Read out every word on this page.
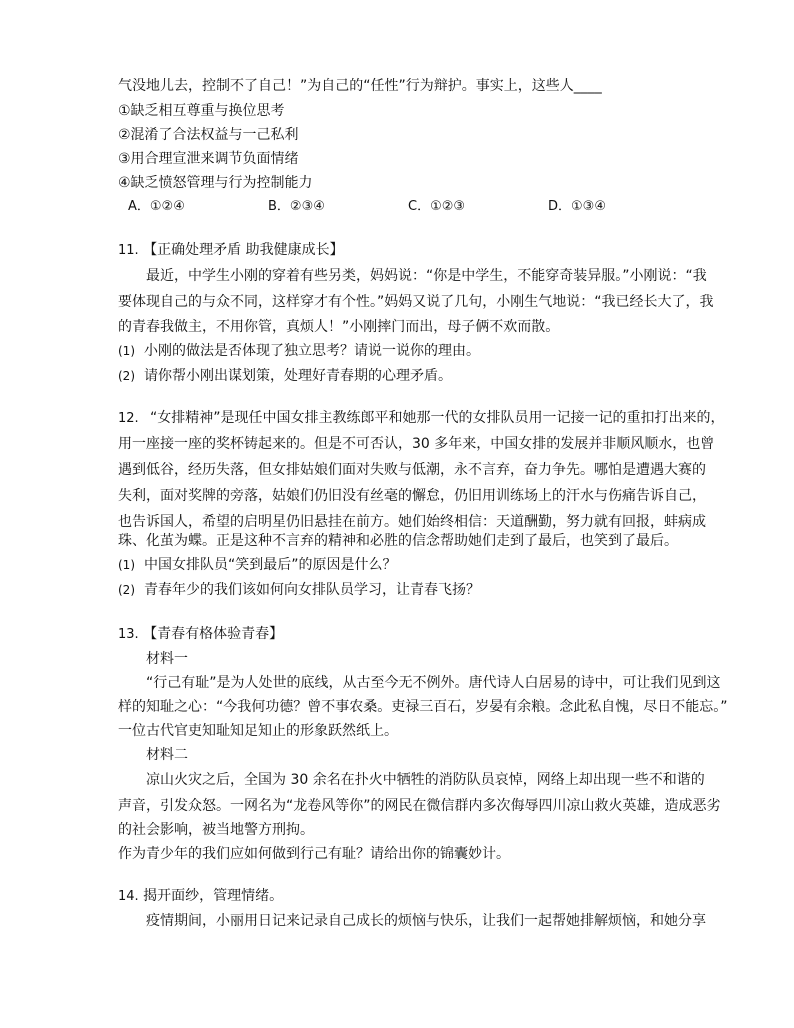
气没地儿去，控制不了自己！”为自己的“任性”行为辩护。事实上，这些人____
①缺乏相互尊重与换位思考
②混淆了合法权益与一己私利
③用合理宣泄来调节负面情绪
④缺乏愤怒管理与行为控制能力
A．①②④	B．②③④	C．①②③	D．①③④
11. 【正确处理矛盾 助我健康成长】
最近，中学生小刚的穿着有些另类，妈妈说：“你是中学生，不能穿奇装异服。”小刚说：“我
要体现自己的与众不同，这样穿才有个性。”妈妈又说了几句，小刚生气地说：“我已经长大了，我
的青春我做主，不用你管，真烦人！”小刚摔门而出，母子俩不欢而散。
(1) 小刚的做法是否体现了独立思考？请说一说你的理由。
(2) 请你帮小刚出谋划策，处理好青春期的心理矛盾。
12. “女排精神”是现任中国女排主教练郎平和她那一代的女排队员用一记接一记的重扣打出来的，
用一座接一座的奖杯铸起来的。但是不可否认，30 多年来，中国女排的发展并非顺风顺水，也曾
遇到低谷，经历失落，但女排姑娘们面对失败与低潮，永不言弃，奋力争先。哪怕是遭遇大赛的
失利，面对奖牌的旁落，姑娘们仍旧没有丝毫的懈怠，仍旧用训练场上的汗水与伤痛告诉自己，
也告诉国人，希望的启明星仍旧悬挂在前方。她们始终相信：天道酬勤，努力就有回报，蚌病成
珠、化茧为蝶。正是这种不言弃的精神和必胜的信念帮助她们走到了最后，也笑到了最后。
(1) 中国女排队员“笑到最后”的原因是什么？
(2) 青春年少的我们该如何向女排队员学习，让青春飞扬？
13. 【青春有格体验青春】
材料一
“行己有耻”是为人处世的底线，从古至今无不例外。唐代诗人白居易的诗中，可让我们见到这
样的知耻之心：“今我何功德？曾不事农桑。吏禄三百石，岁晏有余粮。念此私自愧，尽日不能忘。”
一位古代官吏知耻知足知止的形象跃然纸上。
材料二
凉山火灾之后，全国为 30 余名在扑火中牺牲的消防队员哀悼，网络上却出现一些不和谐的
声音，引发众怒。一网名为“龙卷风等你”的网民在微信群内多次侮辱四川凉山救火英雄，造成恶劣
的社会影响，被当地警方刑拘。
作为青少年的我们应如何做到行己有耻？请给出你的锦囊妙计。
14. 揭开面纱，管理情绪。
疫情期间，小丽用日记来记录自己成长的烦恼与快乐，让我们一起帮她排解烦恼，和她分享
